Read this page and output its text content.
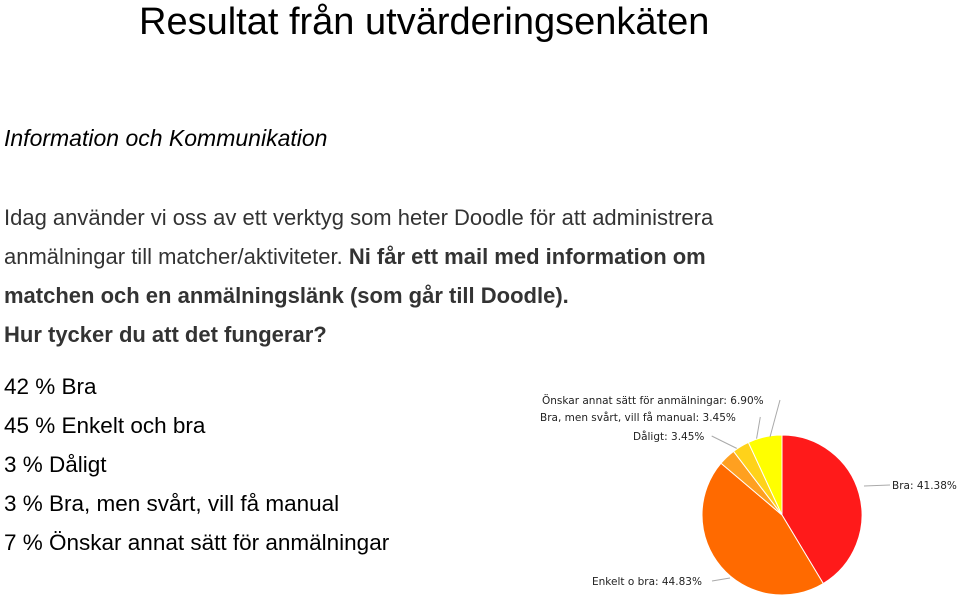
Resultat från utvärderingsenkäten
Information och Kommunikation
Idag använder vi oss av ett verktyg som heter Doodle för att administrera
anmälningar till matcher/aktiviteter. Ni får ett mail med information om
matchen och en anmälningslänk (som går till Doodle).
Hur tycker du att det fungerar?
42 % Bra
45 % Enkelt och bra
3 % Dåligt
3 % Bra, men svårt, vill få manual
7 % Önskar annat sätt för anmälningar
Bra: 41.38%
Enkelt o bra: 44.83%
Dåligt: 3.45%
Bra, men svårt, vill få manual: 3.45%
Önskar annat sätt för anmälningar: 6.90%
